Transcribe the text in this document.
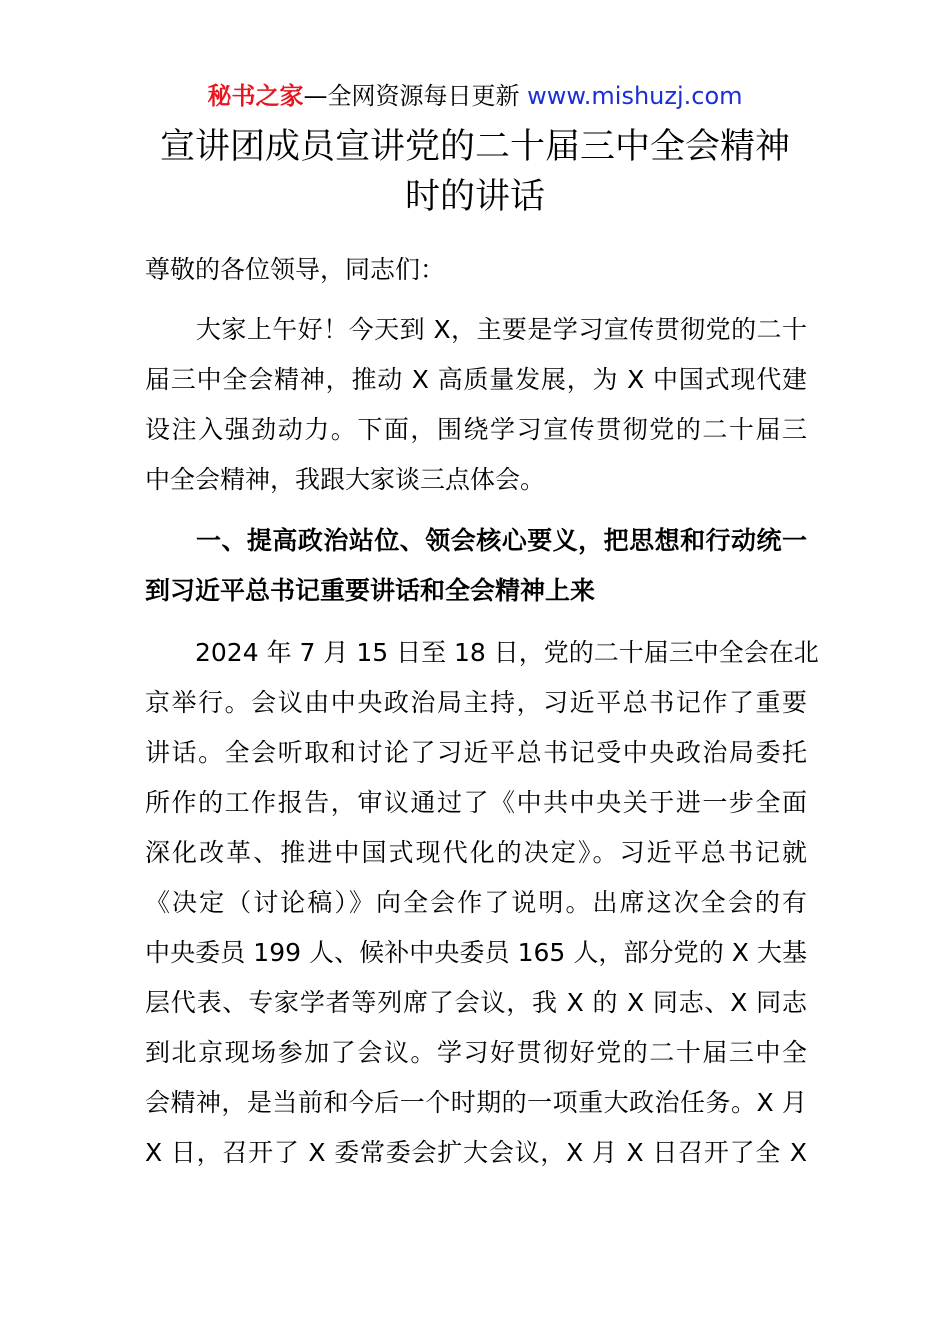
秘书之家—全网资源每日更新 www.mishuzj.com
宣讲团成员宣讲党的二十届三中全会精神
时的讲话
尊敬的各位领导，同志们：
　　大家上午好！今天到 X，主要是学习宣传贯彻党的二十
届三中全会精神，推动 X 高质量发展，为 X 中国式现代建
设注入强劲动力。下面，围绕学习宣传贯彻党的二十届三
中全会精神，我跟大家谈三点体会。
　　一、提高政治站位、领会核心要义，把思想和行动统一
到习近平总书记重要讲话和全会精神上来
　　2024 年 7 月 15 日至 18 日，党的二十届三中全会在北
京举行。会议由中央政治局主持，习近平总书记作了重要
讲话。全会听取和讨论了习近平总书记受中央政治局委托
所作的工作报告，审议通过了《中共中央关于进一步全面
深化改革、推进中国式现代化的决定》。习近平总书记就
《决定（讨论稿）》向全会作了说明。出席这次全会的有
中央委员 199 人、候补中央委员 165 人，部分党的 X 大基
层代表、专家学者等列席了会议，我 X 的 X 同志、X 同志
到北京现场参加了会议。学习好贯彻好党的二十届三中全
会精神，是当前和今后一个时期的一项重大政治任务。X 月
X 日，召开了 X 委常委会扩大会议，X 月 X 日召开了全 X
